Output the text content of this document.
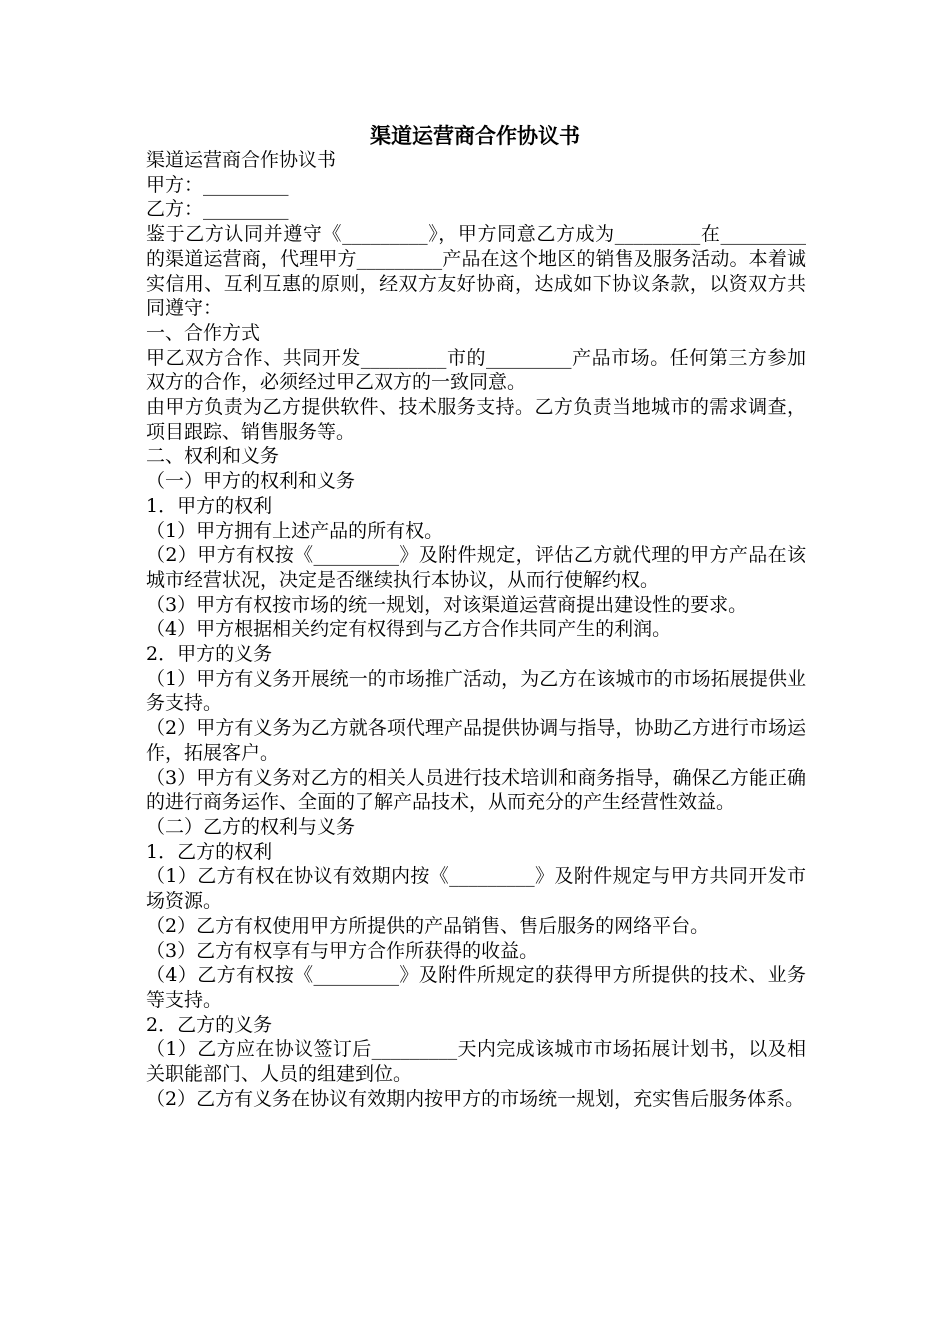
渠道运营商合作协议书

渠道运营商合作协议书

甲方：_________

乙方：_________

鉴于乙方认同并遵守《_________》，甲方同意乙方成为_________在_________的渠道运营商，代理甲方_________产品在这个地区的销售及服务活动。本着诚实信用、互利互惠的原则，经双方友好协商，达成如下协议条款，以资双方共同遵守：

一、合作方式

甲乙双方合作、共同开发_________市的_________产品市场。任何第三方参加双方的合作，必须经过甲乙双方的一致同意。

由甲方负责为乙方提供软件、技术服务支持。乙方负责当地城市的需求调查，项目跟踪、销售服务等。

二、权利和义务

（一）甲方的权利和义务

1．甲方的权利

（1）甲方拥有上述产品的所有权。

（2）甲方有权按《_________》及附件规定，评估乙方就代理的甲方产品在该城市经营状况，决定是否继续执行本协议，从而行使解约权。

（3）甲方有权按市场的统一规划，对该渠道运营商提出建设性的要求。

（4）甲方根据相关约定有权得到与乙方合作共同产生的利润。

2．甲方的义务

（1）甲方有义务开展统一的市场推广活动，为乙方在该城市的市场拓展提供业务支持。

（2）甲方有义务为乙方就各项代理产品提供协调与指导，协助乙方进行市场运作，拓展客户。

（3）甲方有义务对乙方的相关人员进行技术培训和商务指导，确保乙方能正确的进行商务运作、全面的了解产品技术，从而充分的产生经营性效益。

（二）乙方的权利与义务

1．乙方的权利

（1）乙方有权在协议有效期内按《_________》及附件规定与甲方共同开发市场资源。

（2）乙方有权使用甲方所提供的产品销售、售后服务的网络平台。

（3）乙方有权享有与甲方合作所获得的收益。

（4）乙方有权按《_________》及附件所规定的获得甲方所提供的技术、业务等支持。

2．乙方的义务

（1）乙方应在协议签订后_________天内完成该城市市场拓展计划书，以及相关职能部门、人员的组建到位。

（2）乙方有义务在协议有效期内按甲方的市场统一规划，充实售后服务体系。
